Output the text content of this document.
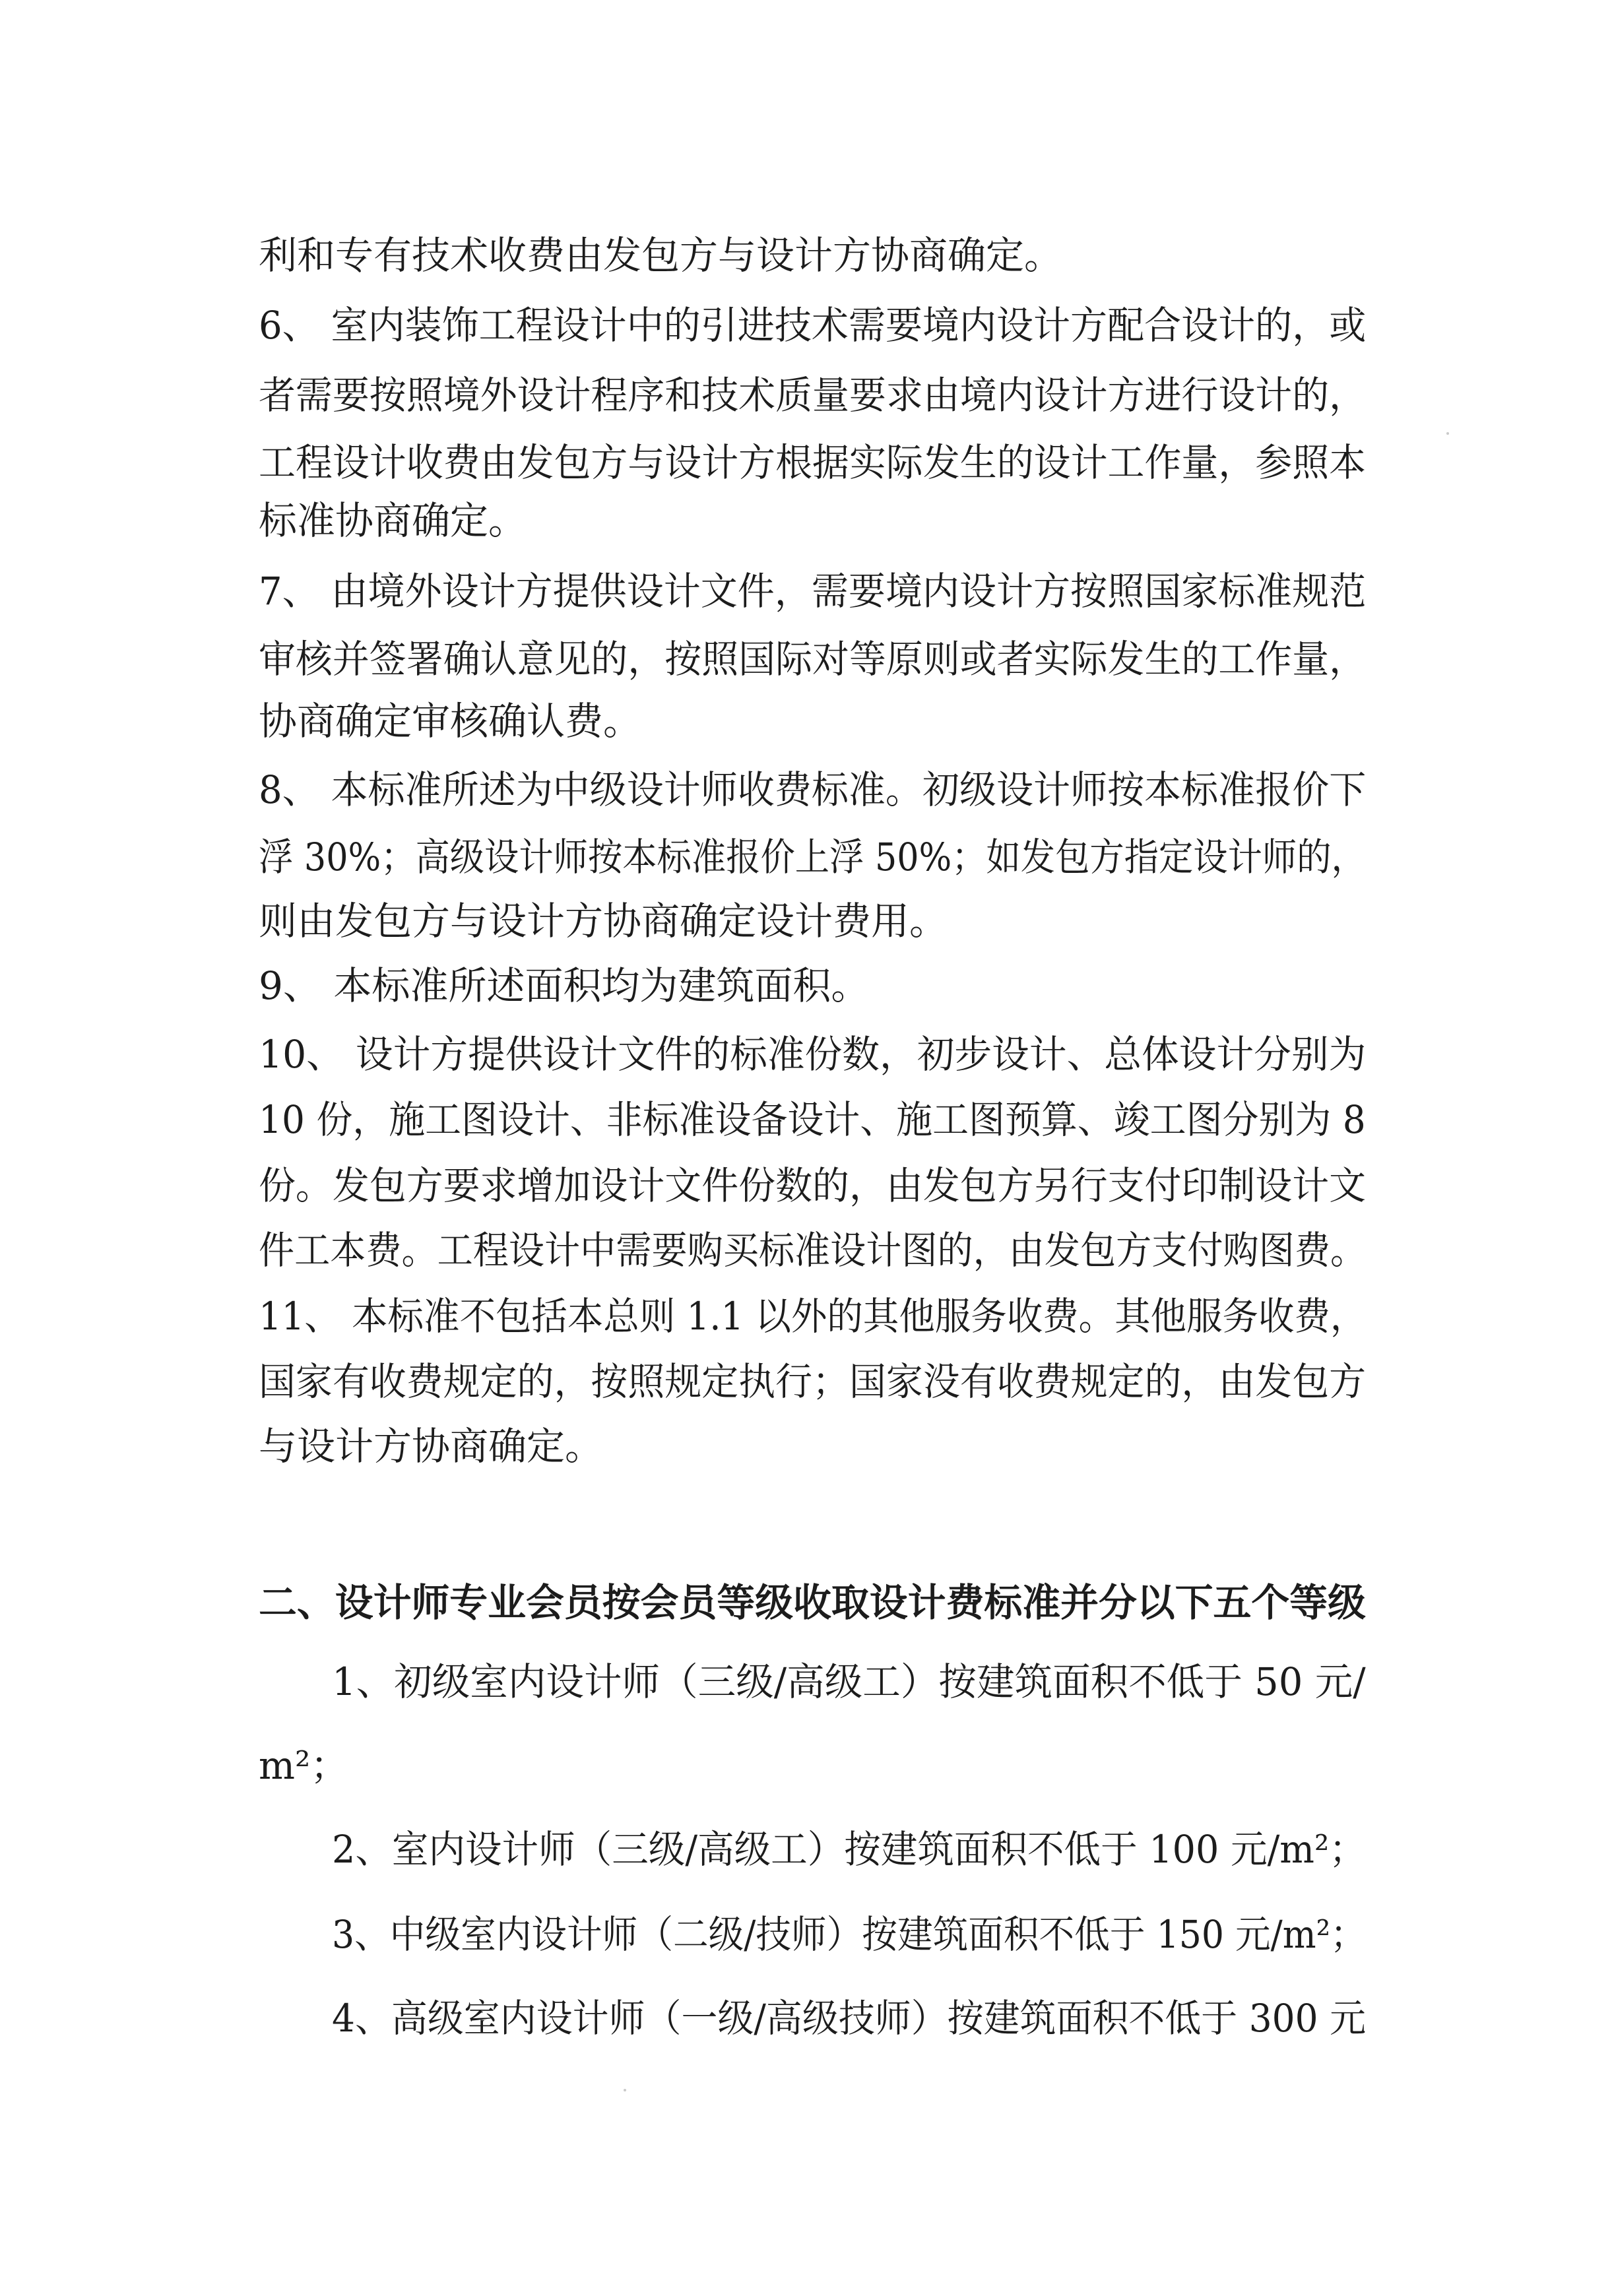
利和专有技术收费由发包方与设计方协商确定。
6、 室内装饰工程设计中的引进技术需要境内设计方配合设计的，或
者需要按照境外设计程序和技术质量要求由境内设计方进行设计的，
工程设计收费由发包方与设计方根据实际发生的设计工作量，参照本
标准协商确定。
7、 由境外设计方提供设计文件，需要境内设计方按照国家标准规范
审核并签署确认意见的，按照国际对等原则或者实际发生的工作量，
协商确定审核确认费。
8、 本标准所述为中级设计师收费标准。初级设计师按本标准报价下
浮 30%；高级设计师按本标准报价上浮 50%；如发包方指定设计师的，
则由发包方与设计方协商确定设计费用。
9、 本标准所述面积均为建筑面积。
10、 设计方提供设计文件的标准份数，初步设计、总体设计分别为
10 份，施工图设计、非标准设备设计、施工图预算、竣工图分别为 8
份。发包方要求增加设计文件份数的，由发包方另行支付印制设计文
件工本费。工程设计中需要购买标准设计图的，由发包方支付购图费。
11、 本标准不包括本总则 1.1 以外的其他服务收费。其他服务收费，
国家有收费规定的，按照规定执行；国家没有收费规定的，由发包方
与设计方协商确定。
二、设计师专业会员按会员等级收取设计费标准并分以下五个等级
1、初级室内设计师（三级/高级工）按建筑面积不低于 50 元/
m²；
2、室内设计师（三级/高级工）按建筑面积不低于 100 元/m²；
3、中级室内设计师（二级/技师）按建筑面积不低于 150 元/m²；
4、高级室内设计师（一级/高级技师）按建筑面积不低于 300 元
